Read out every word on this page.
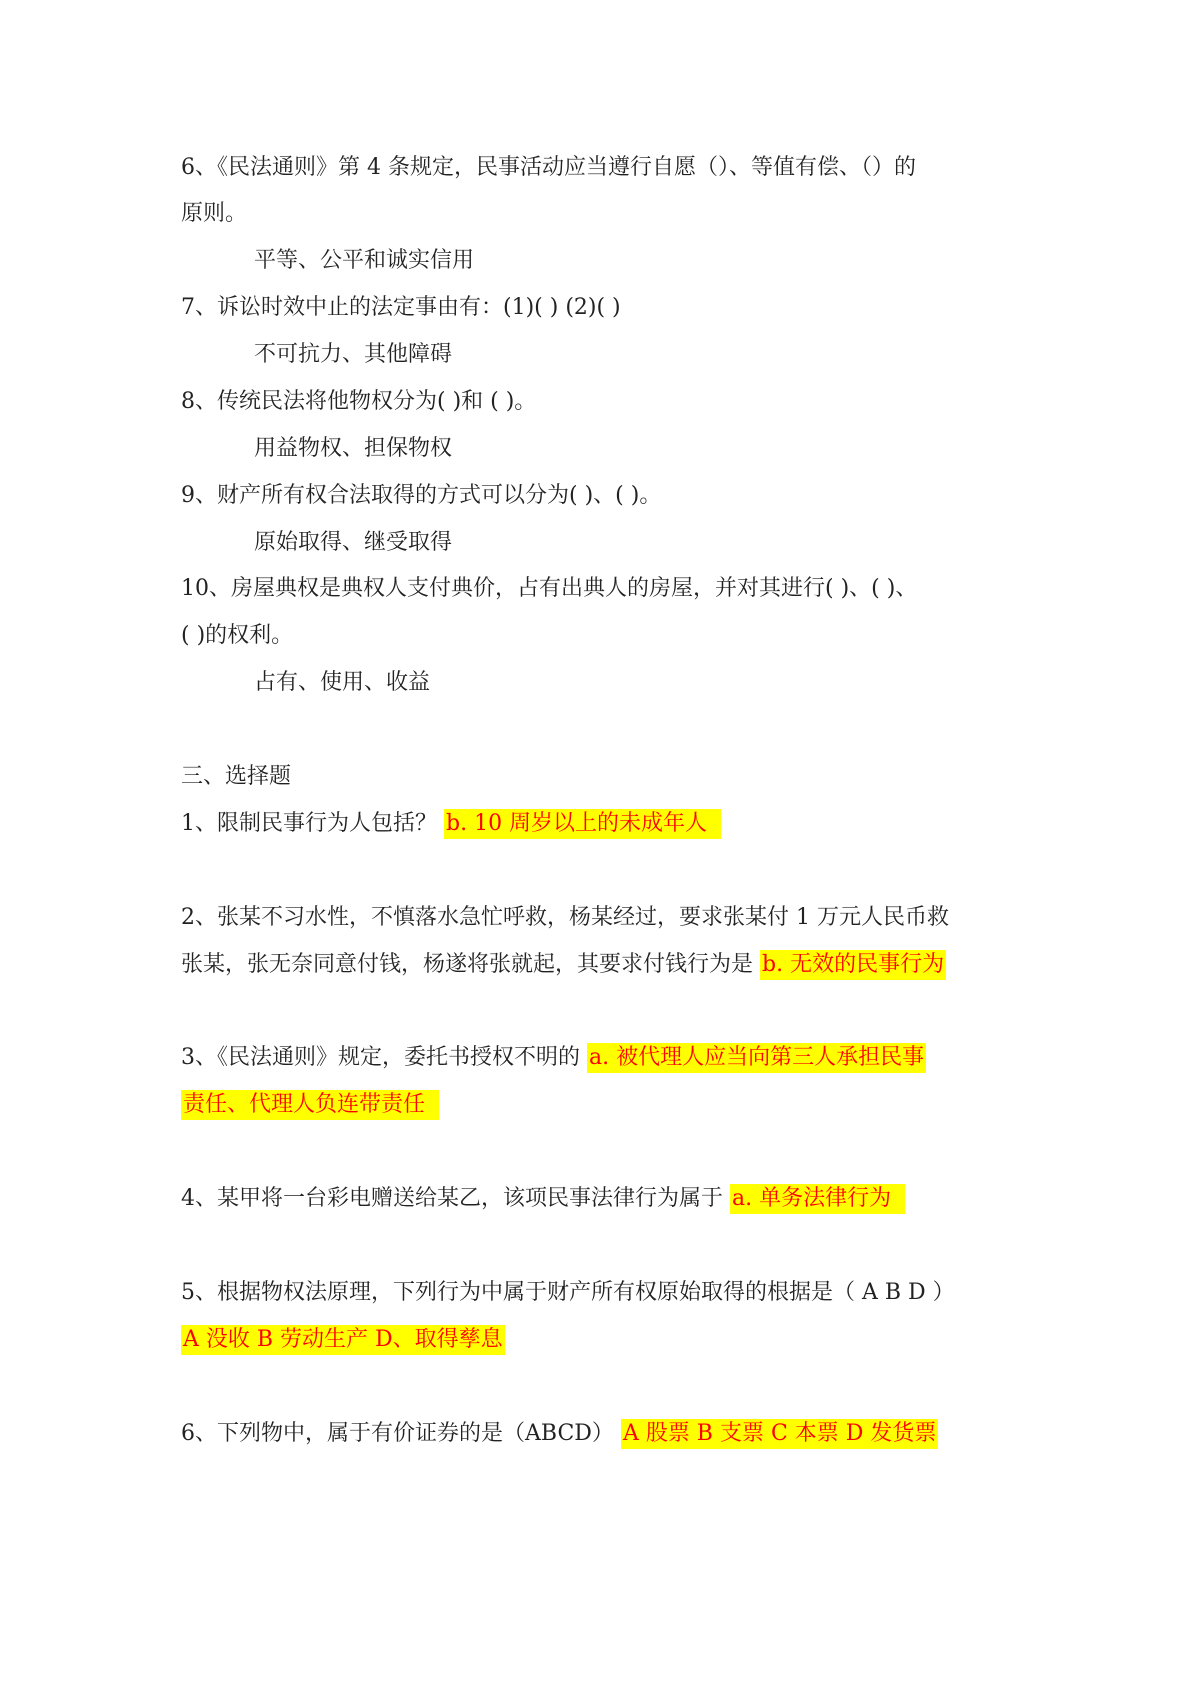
6、《民法通则》第 4 条规定，民事活动应当遵行自愿（）、等值有偿、（）的
原则。
平等、公平和诚实信用
7、诉讼时效中止的法定事由有：(1)( ) (2)( )
不可抗力、其他障碍
8、传统民法将他物权分为( )和 ( )。
用益物权、担保物权
9、财产所有权合法取得的方式可以分为( )、( )。
原始取得、继受取得
10、房屋典权是典权人支付典价，占有出典人的房屋，并对其进行( )、( )、
( )的权利。
占有、使用、收益
三、选择题
1、限制民事行为人包括？ b. 10 周岁以上的未成年人
2、张某不习水性，不慎落水急忙呼救，杨某经过，要求张某付 1 万元人民币救
张某，张无奈同意付钱，杨遂将张就起，其要求付钱行为是 b. 无效的民事行为
3、《民法通则》规定，委托书授权不明的 a. 被代理人应当向第三人承担民事
责任、代理人负连带责任
4、某甲将一台彩电赠送给某乙，该项民事法律行为属于 a. 单务法律行为
5、根据物权法原理，下列行为中属于财产所有权原始取得的根据是（ A B D ）
A 没收 B 劳动生产 D、取得孳息
6、下列物中，属于有价证券的是（ABCD） A 股票 B 支票 C 本票 D 发货票
